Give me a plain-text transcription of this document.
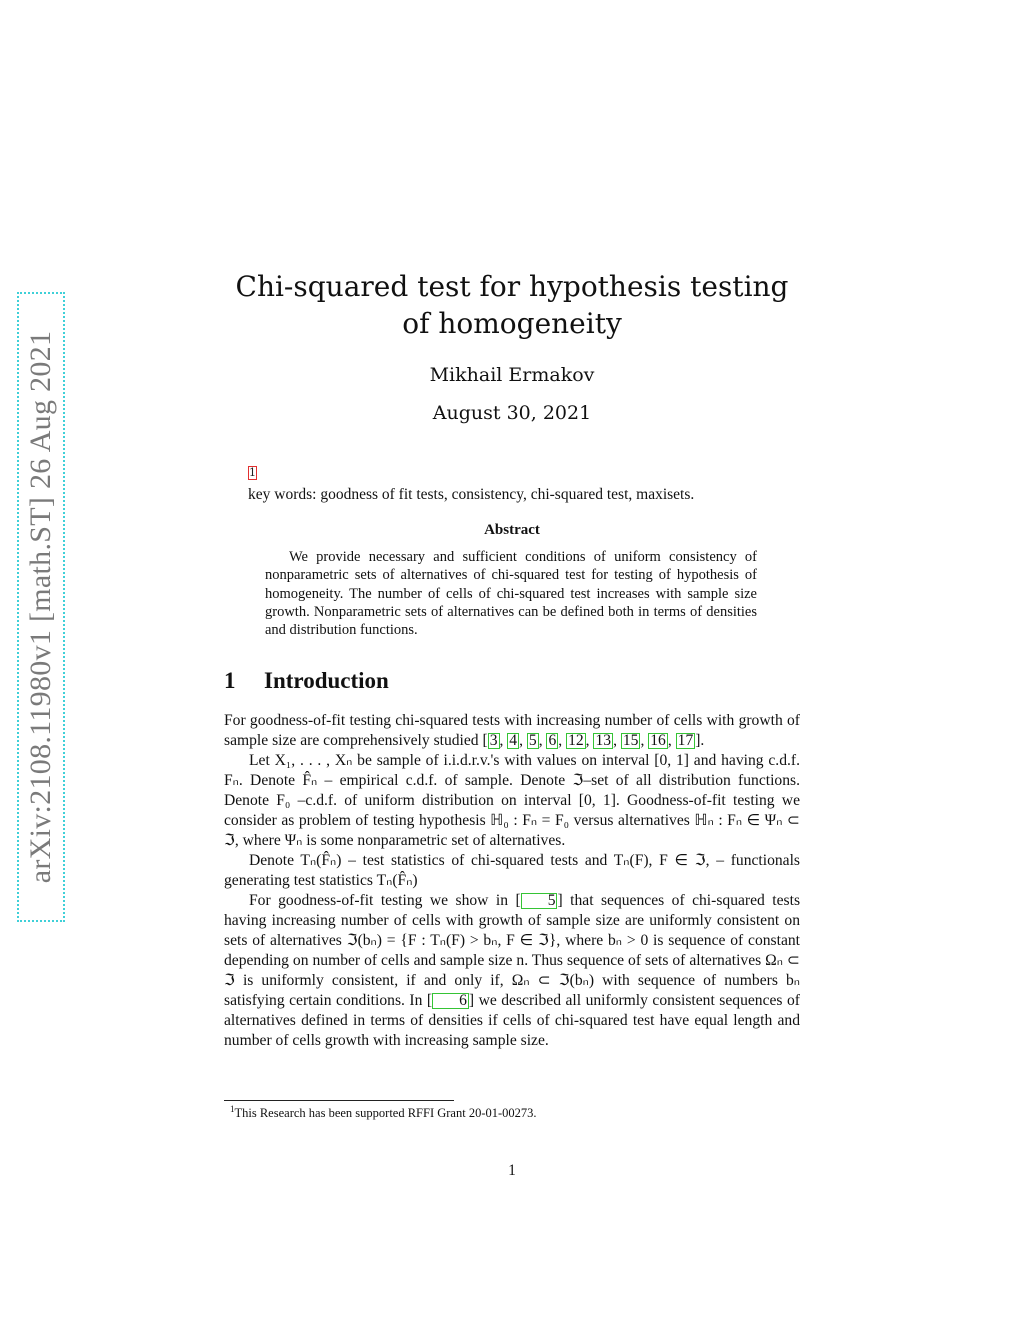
arXiv:2108.11980v1 [math.ST] 26 Aug 2021
Chi-squared test for hypothesis testing of homogeneity
Mikhail Ermakov
August 30, 2021
1
key words: goodness of fit tests, consistency, chi-squared test, maxisets.
Abstract
We provide necessary and sufficient conditions of uniform consistency of nonparametric sets of alternatives of chi-squared test for testing of hypothesis of homogeneity. The number of cells of chi-squared test increases with sample size growth. Nonparametric sets of alternatives can be defined both in terms of densities and distribution functions.
1 Introduction

For goodness-of-fit testing chi-squared tests with increasing number of cells with growth of sample size are comprehensively studied [ 3 , 4 , 5 , 6 , 12 , 13 , 15 , 16 , 17 ].

Let X₁, . . . , Xₙ be sample of i.i.d.r.v.'s with values on interval [0, 1] and having c.d.f. Fₙ. Denote F̂ₙ – empirical c.d.f. of sample. Denote ℑ–set of all distribution functions. Denote F₀ –c.d.f. of uniform distribution on interval [0, 1]. Goodness-of-fit testing we consider as problem of testing hypothesis ℍ₀ : Fₙ = F₀ versus alternatives ℍₙ : Fₙ ∈ Ψₙ ⊂ ℑ, where Ψₙ is some nonparametric set of alternatives.

Denote Tₙ(F̂ₙ) – test statistics of chi-squared tests and Tₙ(F), F ∈ ℑ, – functionals generating test statistics Tₙ(F̂ₙ)

For goodness-of-fit testing we show in [ 5 ] that sequences of chi-squared tests having increasing number of cells with growth of sample size are uniformly consistent on sets of alternatives ℑ(bₙ) = {F : Tₙ(F) > bₙ, F ∈ ℑ}, where bₙ > 0 is sequence of constant depending on number of cells and sample size n. Thus sequence of sets of alternatives Ωₙ ⊂ ℑ is uniformly consistent, if and only if, Ωₙ ⊂ ℑ(bₙ) with sequence of numbers bₙ satisfying certain conditions. In [ 6 ] we described all uniformly consistent sequences of alternatives defined in terms of densities if cells of chi-squared test have equal length and number of cells growth with increasing sample size.

$^1$This Research has been supported RFFI Grant 20-01-00273.
1
